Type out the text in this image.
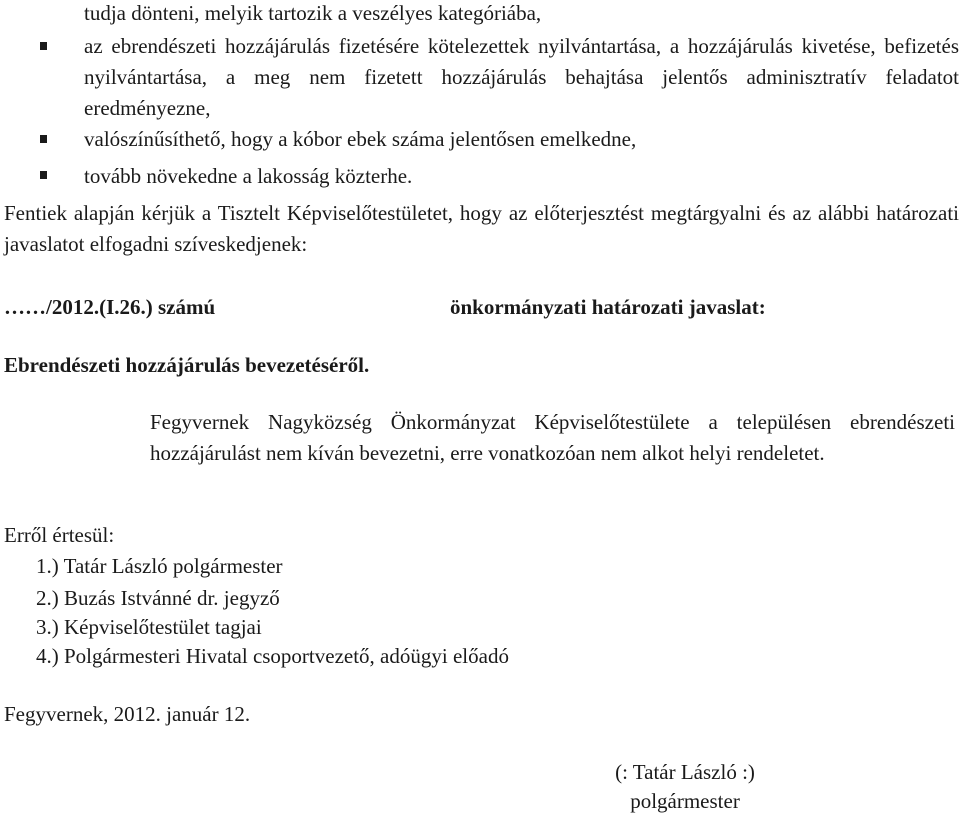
tudja dönteni, melyik tartozik a veszélyes kategóriába,
az ebrendészeti hozzájárulás fizetésére kötelezettek nyilvántartása, a hozzájárulás kivetése, befizetés nyilvántartása, a meg nem fizetett hozzájárulás behajtása jelentős adminisztratív feladatot eredményezne,
valószínűsíthető, hogy a kóbor ebek száma jelentősen emelkedne,
tovább növekedne a lakosság közterhe.
Fentiek alapján kérjük a Tisztelt Képviselőtestületet, hogy az előterjesztést megtárgyalni és az alábbi határozati javaslatot elfogadni szíveskedjenek:
……/2012.(I.26.) számú	önkormányzati határozati javaslat:
Ebrendészeti hozzájárulás bevezetéséről.
Fegyvernek Nagyközség Önkormányzat Képviselőtestülete a településen ebrendészeti hozzájárulást nem kíván bevezetni, erre vonatkozóan nem alkot helyi rendeletet.
Erről értesül:
1.) Tatár László polgármester
2.) Buzás Istvánné dr. jegyző
3.) Képviselőtestület tagjai
4.) Polgármesteri Hivatal csoportvezető, adóügyi előadó
Fegyvernek, 2012. január 12.
(: Tatár László :)
polgármester
